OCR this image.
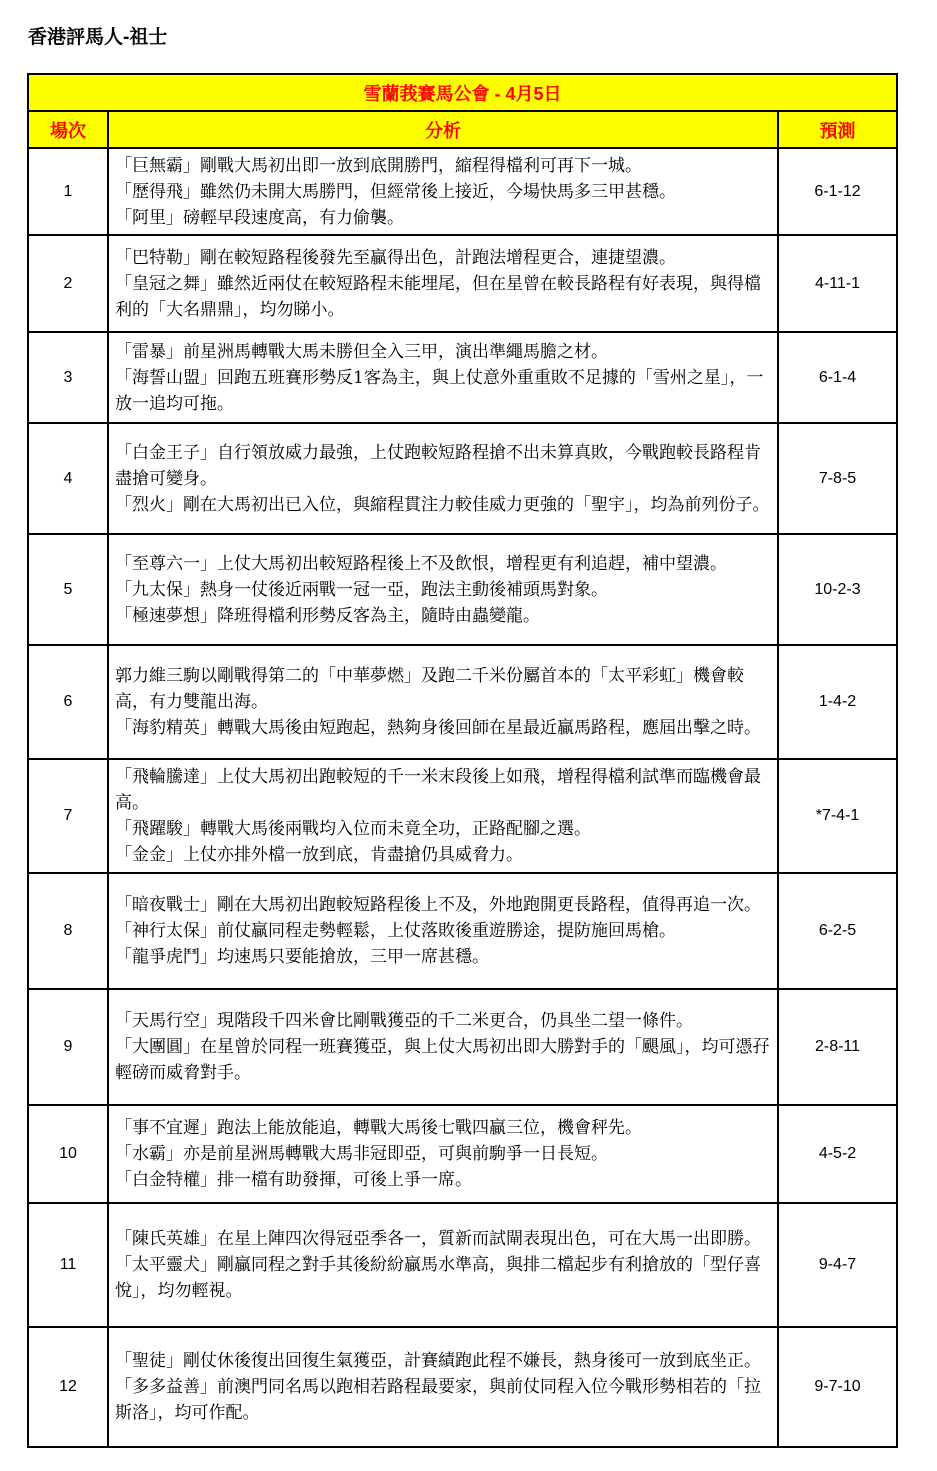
香港評馬人-祖士
雪蘭莪賽馬公會 - 4月5日		
場次	分析	預測
1	「巨無霸」剛戰大馬初出即一放到底開勝門，縮程得檔利可再下一城。
「歷得飛」雖然仍未開大馬勝門，但經常後上接近，今場快馬多三甲甚穩。
「阿里」磅輕早段速度高，有力偷襲。	6-1-12
2	「巴特勒」剛在較短路程後發先至贏得出色，計跑法增程更合，連捷望濃。
「皇冠之舞」雖然近兩仗在較短路程未能埋尾，但在星曾在較長路程有好表現，與得檔利的「大名鼎鼎」，均勿睇小。	4-11-1
3	「雷暴」前星洲馬轉戰大馬未勝但全入三甲，演出準繩馬膽之材。
「海誓山盟」回跑五班賽形勢反1客為主，與上仗意外重重敗不足據的「雪州之星」，一放一追均可拖。	6-1-4
4	「白金王子」自行領放威力最強，上仗跑較短路程搶不出未算真敗，今戰跑較長路程肯盡搶可變身。
「烈火」剛在大馬初出已入位，與縮程貫注力較佳威力更強的「聖宇」，均為前列份子。	7-8-5
5	「至尊六一」上仗大馬初出較短路程後上不及飲恨，增程更有利追趕，補中望濃。
「九太保」熱身一仗後近兩戰一冠一亞，跑法主動後補頭馬對象。
「極速夢想」降班得檔利形勢反客為主，隨時由蟲變龍。	10-2-3
6	郭力維三駒以剛戰得第二的「中華夢燃」及跑二千米份屬首本的「太平彩虹」機會較高，有力雙龍出海。
「海豹精英」轉戰大馬後由短跑起，熱夠身後回師在星最近贏馬路程，應屆出擊之時。	1-4-2
7	「飛輪騰達」上仗大馬初出跑較短的千一米末段後上如飛，增程得檔利試準而臨機會最高。
「飛躍駿」轉戰大馬後兩戰均入位而未竟全功，正路配腳之選。
「金金」上仗亦排外檔一放到底，肯盡搶仍具威脅力。	*7-4-1
8	「暗夜戰士」剛在大馬初出跑較短路程後上不及，外地跑開更長路程，值得再追一次。
「神行太保」前仗贏同程走勢輕鬆，上仗落敗後重遊勝途，提防施回馬槍。
「龍爭虎鬥」均速馬只要能搶放，三甲一席甚穩。	6-2-5
9	「天馬行空」現階段千四米會比剛戰獲亞的千二米更合，仍具坐二望一條件。
「大團圓」在星曾於同程一班賽獲亞，與上仗大馬初出即大勝對手的「颶風」，均可憑孖輕磅而威脅對手。	2-8-11
10	「事不宜遲」跑法上能放能追，轉戰大馬後七戰四贏三位，機會秤先。
「水霸」亦是前星洲馬轉戰大馬非冠即亞，可與前駒爭一日長短。
「白金特權」排一檔有助發揮，可後上爭一席。	4-5-2
11	「陳氏英雄」在星上陣四次得冠亞季各一，質新而試閘表現出色，可在大馬一出即勝。
「太平靈犬」剛贏同程之對手其後紛紛贏馬水準高，與排二檔起步有利搶放的「型仔喜悅」，均勿輕視。	9-4-7
12	「聖徒」剛仗休後復出回復生氣獲亞，計賽績跑此程不嫌長，熱身後可一放到底坐正。
「多多益善」前澳門同名馬以跑相若路程最要家，與前仗同程入位今戰形勢相若的「拉斯洛」，均可作配。	9-7-10
